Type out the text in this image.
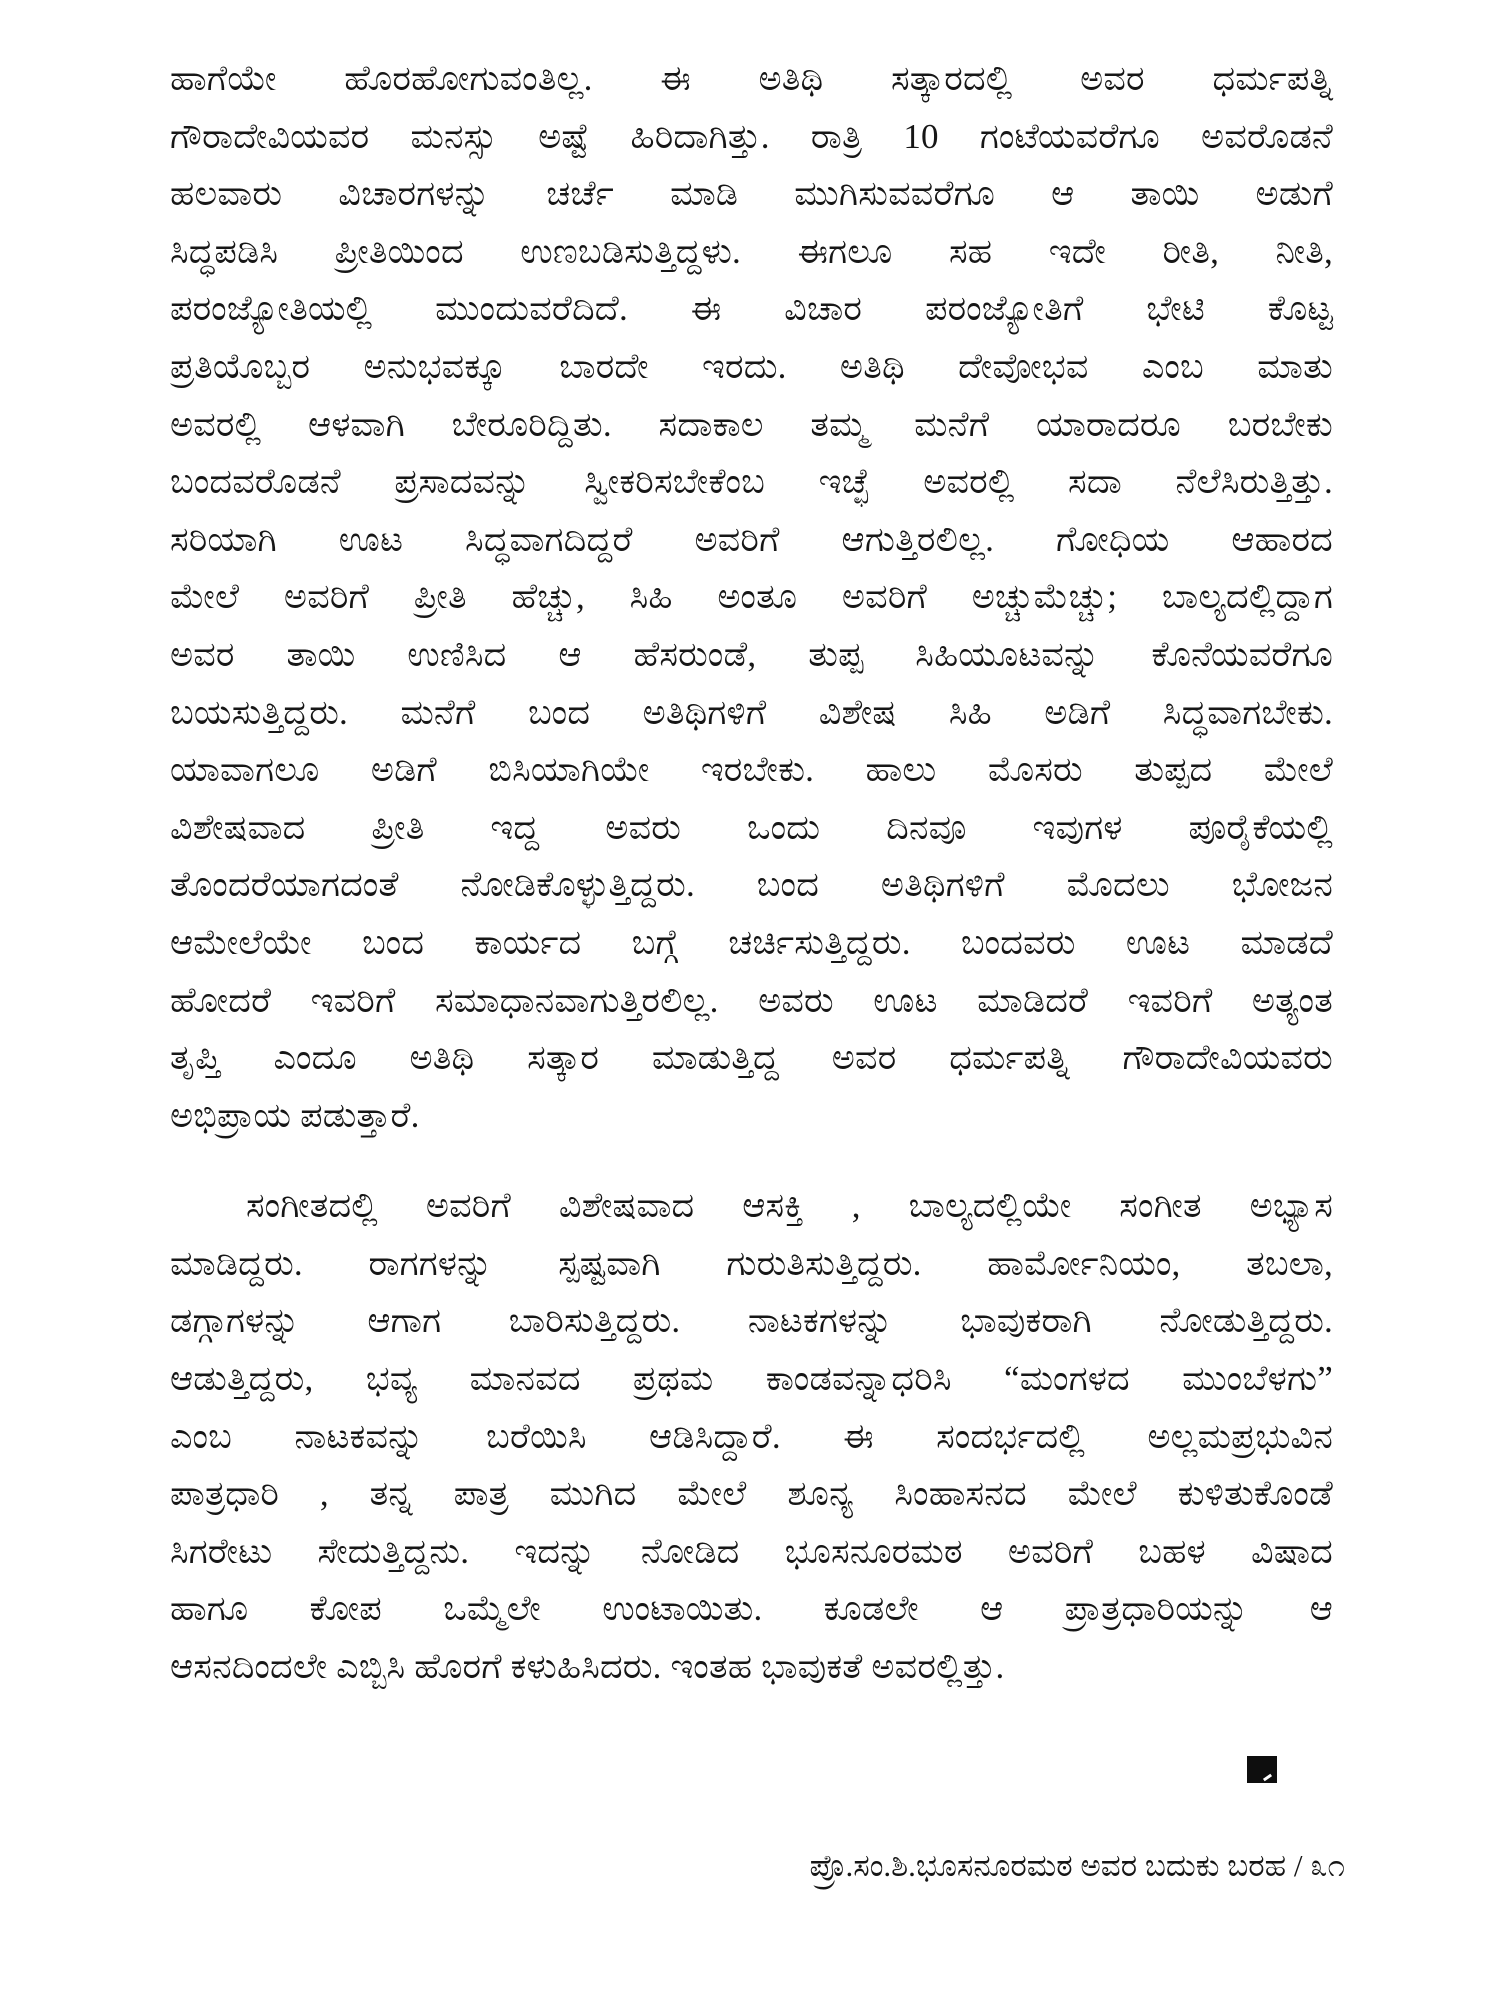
ಹಾಗೆಯೇ ಹೊರಹೋಗುವಂತಿಲ್ಲ. ಈ ಅತಿಥಿ ಸತ್ಕಾರದಲ್ಲಿ ಅವರ ಧರ್ಮಪತ್ನಿ
ಗೌರಾದೇವಿಯವರ ಮನಸ್ಸು ಅಷ್ಟೆ ಹಿರಿದಾಗಿತ್ತು. ರಾತ್ರಿ 10 ಗಂಟೆಯವರೆಗೂ ಅವರೊಡನೆ
ಹಲವಾರು ವಿಚಾರಗಳನ್ನು ಚರ್ಚೆ ಮಾಡಿ ಮುಗಿಸುವವರೆಗೂ ಆ ತಾಯಿ ಅಡುಗೆ
ಸಿದ್ಧಪಡಿಸಿ ಪ್ರೀತಿಯಿಂದ ಉಣಬಡಿಸುತ್ತಿದ್ದಳು. ಈಗಲೂ ಸಹ ಇದೇ ರೀತಿ, ನೀತಿ,
ಪರಂಜ್ಯೋತಿಯಲ್ಲಿ ಮುಂದುವರೆದಿದೆ. ಈ ವಿಚಾರ ಪರಂಜ್ಯೋತಿಗೆ ಭೇಟಿ ಕೊಟ್ಟ
ಪ್ರತಿಯೊಬ್ಬರ ಅನುಭವಕ್ಕೂ ಬಾರದೇ ಇರದು. ಅತಿಥಿ ದೇವೋಭವ ಎಂಬ ಮಾತು
ಅವರಲ್ಲಿ ಆಳವಾಗಿ ಬೇರೂರಿದ್ದಿತು. ಸದಾಕಾಲ ತಮ್ಮ ಮನೆಗೆ ಯಾರಾದರೂ ಬರಬೇಕು
ಬಂದವರೊಡನೆ ಪ್ರಸಾದವನ್ನು ಸ್ವೀಕರಿಸಬೇಕೆಂಬ ಇಚ್ಛೆ ಅವರಲ್ಲಿ ಸದಾ ನೆಲೆಸಿರುತ್ತಿತ್ತು.
ಸರಿಯಾಗಿ ಊಟ ಸಿದ್ಧವಾಗದಿದ್ದರೆ ಅವರಿಗೆ ಆಗುತ್ತಿರಲಿಲ್ಲ. ಗೋಧಿಯ ಆಹಾರದ
ಮೇಲೆ ಅವರಿಗೆ ಪ್ರೀತಿ ಹೆಚ್ಚು, ಸಿಹಿ ಅಂತೂ ಅವರಿಗೆ ಅಚ್ಚುಮೆಚ್ಚು; ಬಾಲ್ಯದಲ್ಲಿದ್ದಾಗ
ಅವರ ತಾಯಿ ಉಣಿಸಿದ ಆ ಹೆಸರುಂಡೆ, ತುಪ್ಪ ಸಿಹಿಯೂಟವನ್ನು ಕೊನೆಯವರೆಗೂ
ಬಯಸುತ್ತಿದ್ದರು. ಮನೆಗೆ ಬಂದ ಅತಿಥಿಗಳಿಗೆ ವಿಶೇಷ ಸಿಹಿ ಅಡಿಗೆ ಸಿದ್ಧವಾಗಬೇಕು.
ಯಾವಾಗಲೂ ಅಡಿಗೆ ಬಿಸಿಯಾಗಿಯೇ ಇರಬೇಕು. ಹಾಲು ಮೊಸರು ತುಪ್ಪದ ಮೇಲೆ
ವಿಶೇಷವಾದ ಪ್ರೀತಿ ಇದ್ದ ಅವರು ಒಂದು ದಿನವೂ ಇವುಗಳ ಪೂರೈಕೆಯಲ್ಲಿ
ತೊಂದರೆಯಾಗದಂತೆ ನೋಡಿಕೊಳ್ಳುತ್ತಿದ್ದರು. ಬಂದ ಅತಿಥಿಗಳಿಗೆ ಮೊದಲು ಭೋಜನ
ಆಮೇಲೆಯೇ ಬಂದ ಕಾರ್ಯದ ಬಗ್ಗೆ ಚರ್ಚಿಸುತ್ತಿದ್ದರು. ಬಂದವರು ಊಟ ಮಾಡದೆ
ಹೋದರೆ ಇವರಿಗೆ ಸಮಾಧಾನವಾಗುತ್ತಿರಲಿಲ್ಲ. ಅವರು ಊಟ ಮಾಡಿದರೆ ಇವರಿಗೆ ಅತ್ಯಂತ
ತೃಪ್ತಿ ಎಂದೂ ಅತಿಥಿ ಸತ್ಕಾರ ಮಾಡುತ್ತಿದ್ದ ಅವರ ಧರ್ಮಪತ್ನಿ ಗೌರಾದೇವಿಯವರು
ಅಭಿಪ್ರಾಯ ಪಡುತ್ತಾರೆ.
ಸಂಗೀತದಲ್ಲಿ ಅವರಿಗೆ ವಿಶೇಷವಾದ ಆಸಕ್ತಿ , ಬಾಲ್ಯದಲ್ಲಿಯೇ ಸಂಗೀತ ಅಭ್ಯಾಸ
ಮಾಡಿದ್ದರು. ರಾಗಗಳನ್ನು ಸ್ಪಷ್ಟವಾಗಿ ಗುರುತಿಸುತ್ತಿದ್ದರು. ಹಾರ್ಮೋನಿಯಂ, ತಬಲಾ,
ಡಗ್ಗಾಗಳನ್ನು ಆಗಾಗ ಬಾರಿಸುತ್ತಿದ್ದರು. ನಾಟಕಗಳನ್ನು ಭಾವುಕರಾಗಿ ನೋಡುತ್ತಿದ್ದರು.
ಆಡುತ್ತಿದ್ದರು, ಭವ್ಯ ಮಾನವದ ಪ್ರಥಮ ಕಾಂಡವನ್ನಾಧರಿಸಿ “ಮಂಗಳದ ಮುಂಬೆಳಗು”
ಎಂಬ ನಾಟಕವನ್ನು ಬರೆಯಿಸಿ ಆಡಿಸಿದ್ದಾರೆ. ಈ ಸಂದರ್ಭದಲ್ಲಿ ಅಲ್ಲಮಪ್ರಭುವಿನ
ಪಾತ್ರಧಾರಿ , ತನ್ನ ಪಾತ್ರ ಮುಗಿದ ಮೇಲೆ ಶೂನ್ಯ ಸಿಂಹಾಸನದ ಮೇಲೆ ಕುಳಿತುಕೊಂಡೆ
ಸಿಗರೇಟು ಸೇದುತ್ತಿದ್ದನು. ಇದನ್ನು ನೋಡಿದ ಭೂಸನೂರಮಠ ಅವರಿಗೆ ಬಹಳ ವಿಷಾದ
ಹಾಗೂ ಕೋಪ ಒಮ್ಮೆಲೇ ಉಂಟಾಯಿತು. ಕೂಡಲೇ ಆ ಪ್ರಾತ್ರಧಾರಿಯನ್ನು ಆ
ಆಸನದಿಂದಲೇ ಎಬ್ಬಿಸಿ ಹೊರಗೆ ಕಳುಹಿಸಿದರು. ಇಂತಹ ಭಾವುಕತೆ ಅವರಲ್ಲಿತ್ತು.
ಪ್ರೊ.ಸಂ.ಶಿ.ಭೂಸನೂರಮಠ ಅವರ ಬದುಕು ಬರಹ / ೩೧
